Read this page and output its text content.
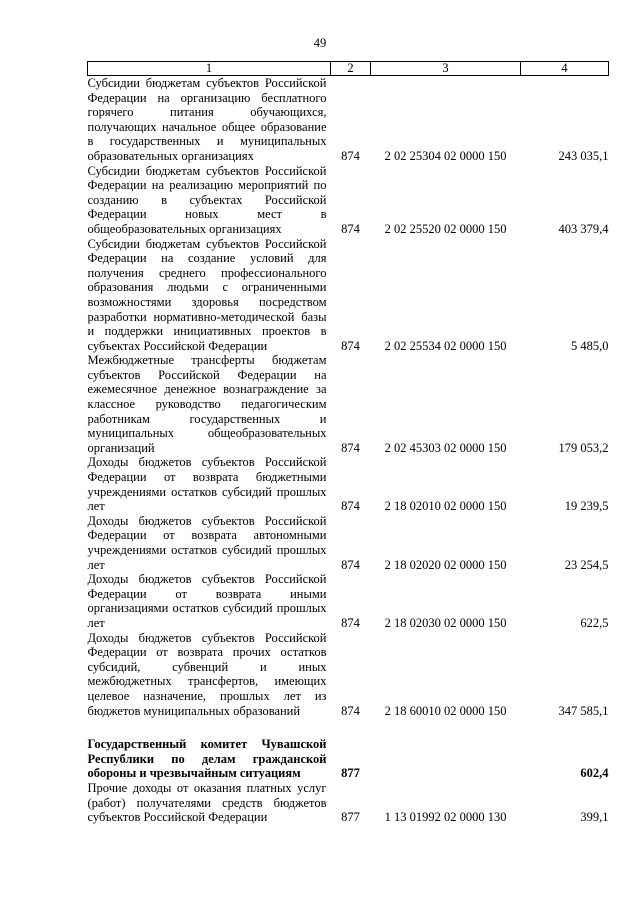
49
1	2	3	4
Субсидии бюджетам субъектов Российской Федерации на организацию бесплатного горячего питания обучающихся, получающих начальное общее образование в государственных и муниципальных образовательных организациях	874	2 02 25304 02 0000 150	243 035,1
Субсидии бюджетам субъектов Российской Федерации на реализацию мероприятий по созданию в субъектах Российской Федерации новых мест в общеобразовательных организациях	874	2 02 25520 02 0000 150	403 379,4
Субсидии бюджетам субъектов Российской Федерации на создание условий для получения среднего профессионального образования людьми с ограниченными возможностями здоровья посредством разработки нормативно-методической базы и поддержки инициативных проектов в субъектах Российской Федерации	874	2 02 25534 02 0000 150	5 485,0
Межбюджетные трансферты бюджетам субъектов Российской Федерации на ежемесячное денежное вознаграждение за классное руководство педагогическим работникам государственных и муниципальных общеобразовательных организаций	874	2 02 45303 02 0000 150	179 053,2
Доходы бюджетов субъектов Российской Федерации от возврата бюджетными учреждениями остатков субсидий прошлых лет	874	2 18 02010 02 0000 150	19 239,5
Доходы бюджетов субъектов Российской Федерации от возврата автономными учреждениями остатков субсидий прошлых лет	874	2 18 02020 02 0000 150	23 254,5
Доходы бюджетов субъектов Российской Федерации от возврата иными организациями остатков субсидий прошлых лет	874	2 18 02030 02 0000 150	622,5
Доходы бюджетов субъектов Российской Федерации от возврата прочих остатков субсидий, субвенций и иных межбюджетных трансфертов, имеющих целевое назначение, прошлых лет из бюджетов муниципальных образований	874	2 18 60010 02 0000 150	347 585,1

Государственный комитет Чувашской Республики по делам гражданской обороны и чрезвычайным ситуациям	877		602,4
Прочие доходы от оказания платных услуг (работ) получателями средств бюджетов субъектов Российской Федерации	877	1 13 01992 02 0000 130	399,1
